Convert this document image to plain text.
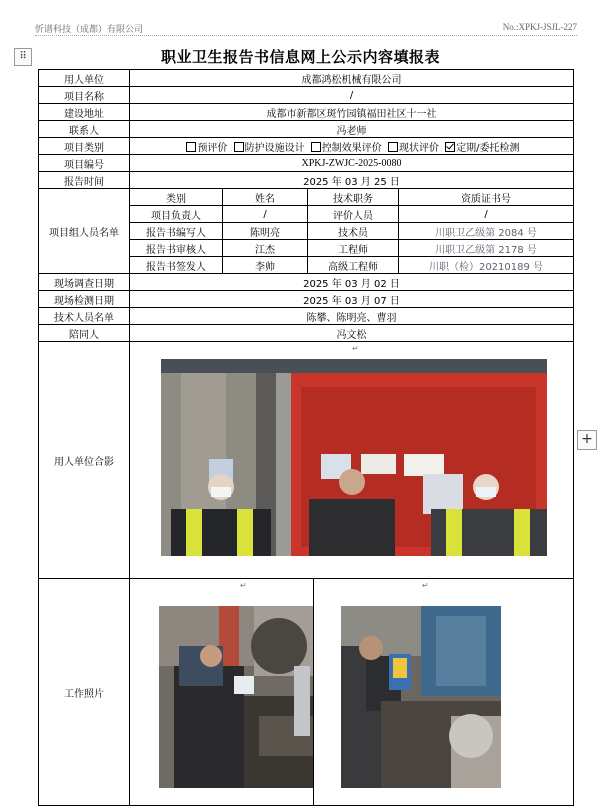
忻谱科技（成都）有限公司	No.:XPKJ-JSJL-227
⠿	职业卫生报告书信息网上公示内容填报表
用人单位	成都鸿松机械有限公司				
项目名称	/				
建设地址	成都市新都区斑竹园镇福田社区十一社				
联系人	冯老师				
项目类别	预评价 防护设施设计 控制效果评价 现状评价 定期/委托检测				
项目编号	XPKJ-ZWJC-2025-0080				
报告时间	2025 年 03 月 25 日				
项目组人员名单	类别	姓名	技术职务		资质证书号
	项目负责人	/	评价人员		/
	报告书编写人	陈明亮	技术员		川职卫乙级第 2084 号
	报告书审核人	江杰	工程师		川职卫乙级第 2178 号
	报告书签发人	李帅	高级工程师		川职（检）20210189 号
现场调查日期	2025 年 03 月 02 日				
现场检测日期	2025 年 03 月 07 日				
技术人员名单	陈攀、陈明亮、曹羽				
陪同人	冯文松				
用人单位合影	↵				

工作照片	↵			↵	
+
